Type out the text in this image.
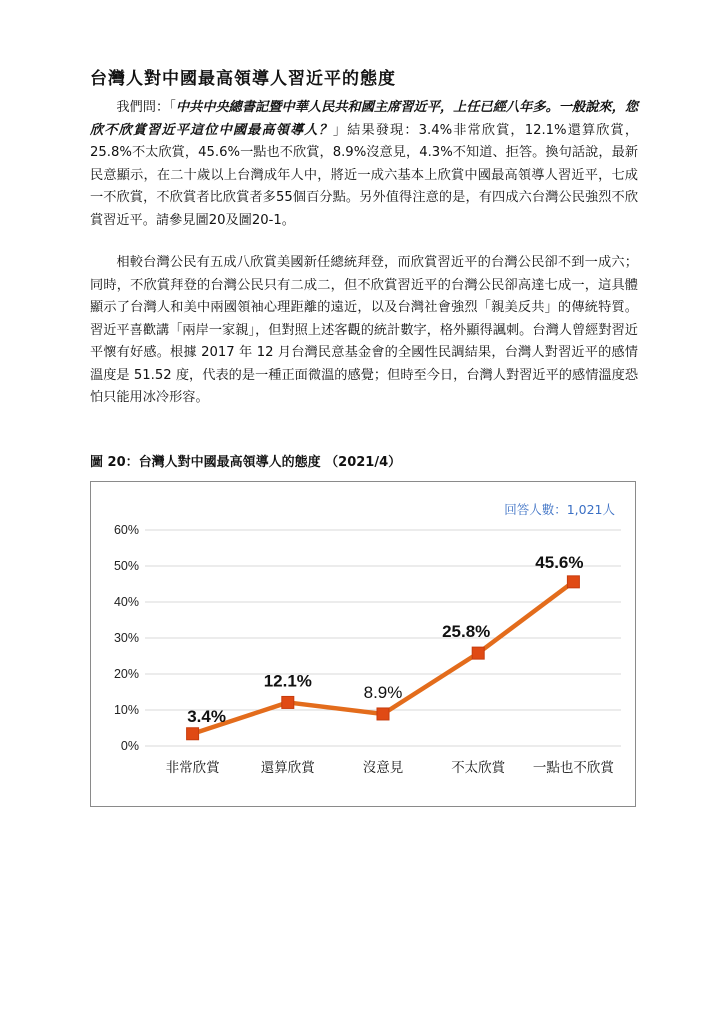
台灣人對中國最高領導人習近平的態度

我們問：「中共中央總書記暨中華人民共和國主席習近平，上任已經八年多。一般說來，您欣不欣賞習近平這位中國最高領導人？」結果發現：3.4%非常欣賞，12.1%還算欣賞，25.8%不太欣賞，45.6%一點也不欣賞，8.9%沒意見，4.3%不知道、拒答。換句話說，最新民意顯示，在二十歲以上台灣成年人中，將近一成六基本上欣賞中國最高領導人習近平，七成一不欣賞，不欣賞者比欣賞者多55個百分點。另外值得注意的是，有四成六台灣公民強烈不欣賞習近平。請參見圖20及圖20-1。

相較台灣公民有五成八欣賞美國新任總統拜登，而欣賞習近平的台灣公民卻不到一成六；同時，不欣賞拜登的台灣公民只有二成二，但不欣賞習近平的台灣公民卻高達七成一，這具體顯示了台灣人和美中兩國領袖心理距離的遠近，以及台灣社會強烈「親美反共」的傳統特質。習近平喜歡講「兩岸一家親」，但對照上述客觀的統計數字，格外顯得諷刺。台灣人曾經對習近平懷有好感。根據 2017 年 12 月台灣民意基金會的全國性民調結果，台灣人對習近平的感情溫度是 51.52 度，代表的是一種正面微溫的感覺；但時至今日，台灣人對習近平的感情溫度恐怕只能用冰冷形容。

圖 20：台灣人對中國最高領導人的態度 （2021/4）
回答人數：1,021人
0%
10%
20%
30%
40%
50%
60%
非常欣賞	還算欣賞	沒意見	不太欣賞 一點也不欣賞
3.4%
12.1%
8.9%
25.8%
45.6%
